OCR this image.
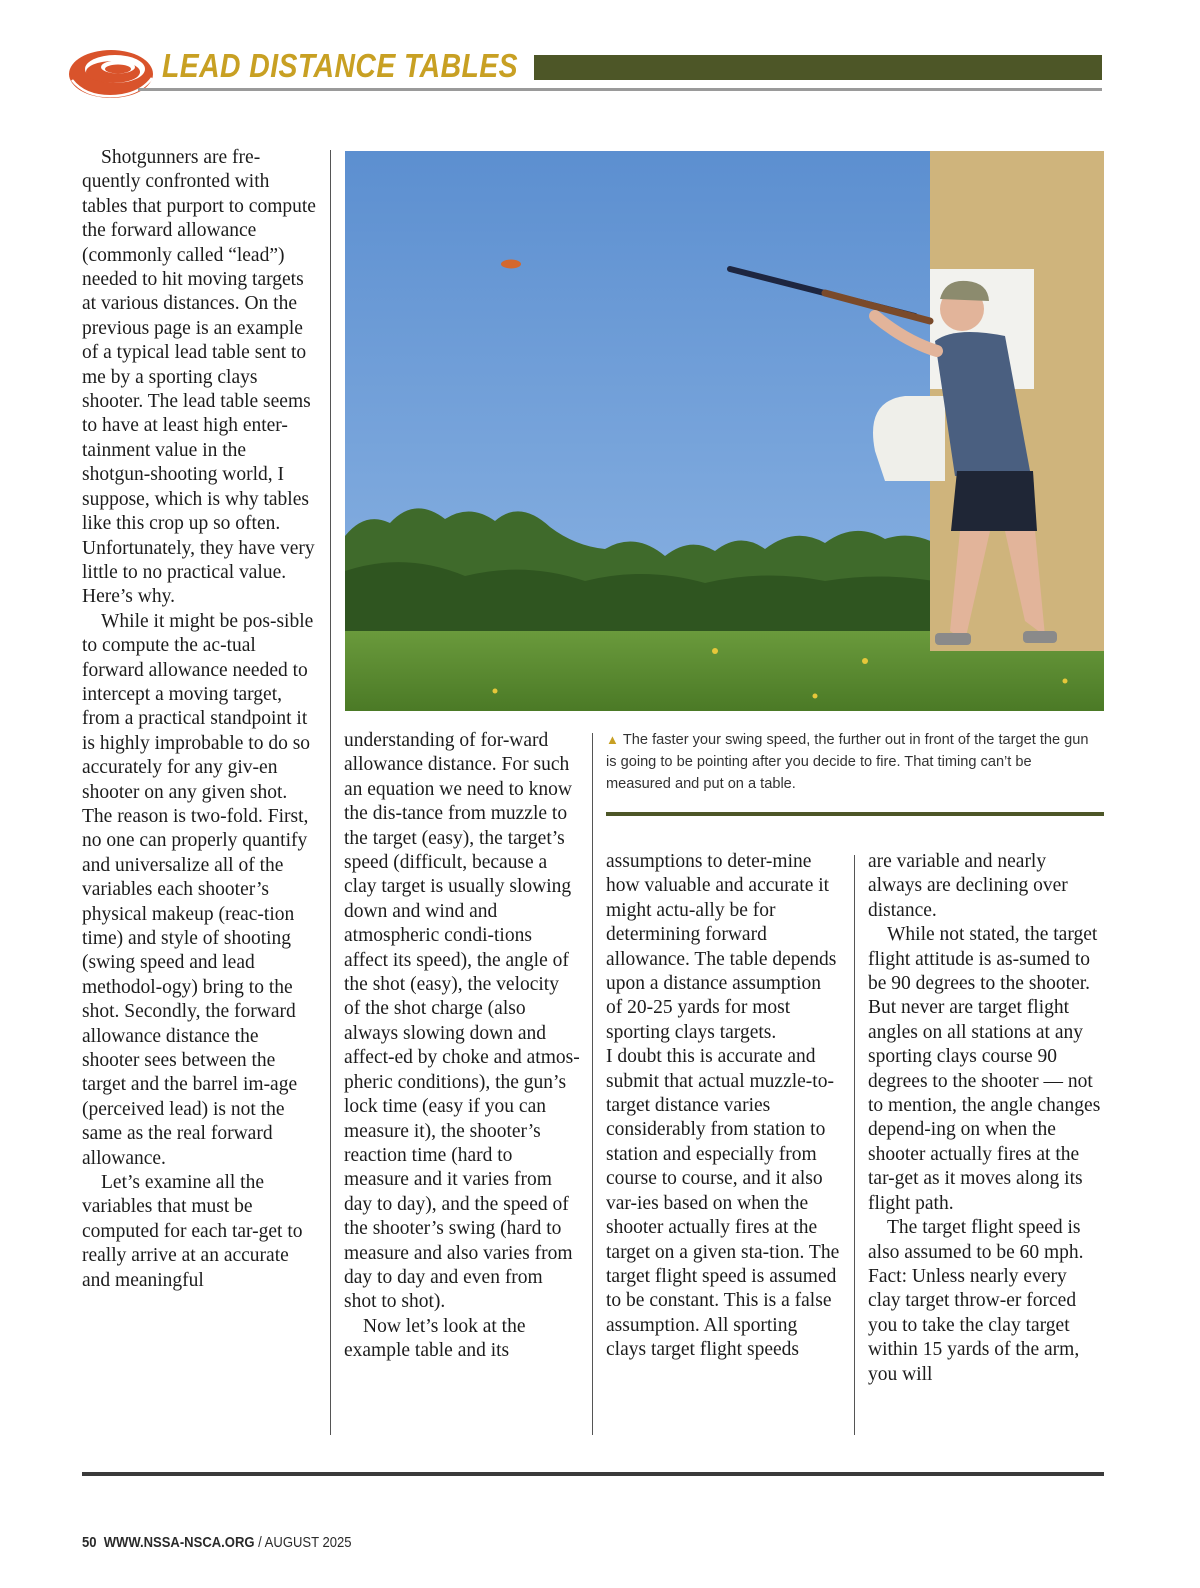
LEAD DISTANCE TABLES

Shotgunners are fre-quently confronted with tables that purport to compute the forward allowance (commonly called “lead”) needed to hit moving targets at various distances. On the previous page is an example of a typical lead table sent to me by a sporting clays shooter. The lead table seems to have at least high enter-tainment value in the shotgun-shooting world, I suppose, which is why tables like this crop up so often. Unfortunately, they have very little to no practical value. Here’s why.

While it might be pos-sible to compute the ac-tual forward allowance needed to intercept a moving target, from a practical standpoint it is highly improbable to do so accurately for any giv-en shooter on any given shot. The reason is two-fold. First, no one can properly quantify and universalize all of the variables each shooter’s physical makeup (reac-tion time) and style of shooting (swing speed and lead methodol-ogy) bring to the shot. Secondly, the forward allowance distance the shooter sees between the target and the barrel im-age (perceived lead) is not the same as the real forward allowance.

Let’s examine all the variables that must be computed for each tar-get to really arrive at an accurate and meaningful

understanding of for-ward allowance distance. For such an equation we need to know the dis-tance from muzzle to the target (easy), the target’s speed (difficult, because a clay target is usually slowing down and wind and atmospheric condi-tions affect its speed), the angle of the shot (easy), the velocity of the shot charge (also always slowing down and affect-ed by choke and atmos-pheric conditions), the gun’s lock time (easy if you can measure it), the shooter’s reaction time (hard to measure and it varies from day to day), and the speed of the shooter’s swing (hard to measure and also varies from day to day and even from shot to shot).

Now let’s look at the example table and its

▲ The faster your swing speed, the further out in front of the target the gun is going to be pointing after you decide to fire. That timing can’t be measured and put on a table.

assumptions to deter-mine how valuable and accurate it might actu-ally be for determining forward allowance. The table depends upon a distance assumption of 20-25 yards for most sporting clays targets.

I doubt this is accurate and submit that actual muzzle-to-target distance varies considerably from station to station and especially from course to course, and it also var-ies based on when the shooter actually fires at the target on a given sta-tion. The target flight speed is assumed to be constant. This is a false assumption. All sporting clays target flight speeds

are variable and nearly always are declining over distance.

While not stated, the target flight attitude is as-sumed to be 90 degrees to the shooter. But never are target flight angles on all stations at any sporting clays course 90 degrees to the shooter — not to mention, the angle changes depend-ing on when the shooter actually fires at the tar-get as it moves along its flight path.

The target flight speed is also assumed to be 60 mph. Fact: Unless nearly every clay target throw-er forced you to take the clay target within 15 yards of the arm, you will

50 WWW.NSSA-NSCA.ORG / AUGUST 2025
